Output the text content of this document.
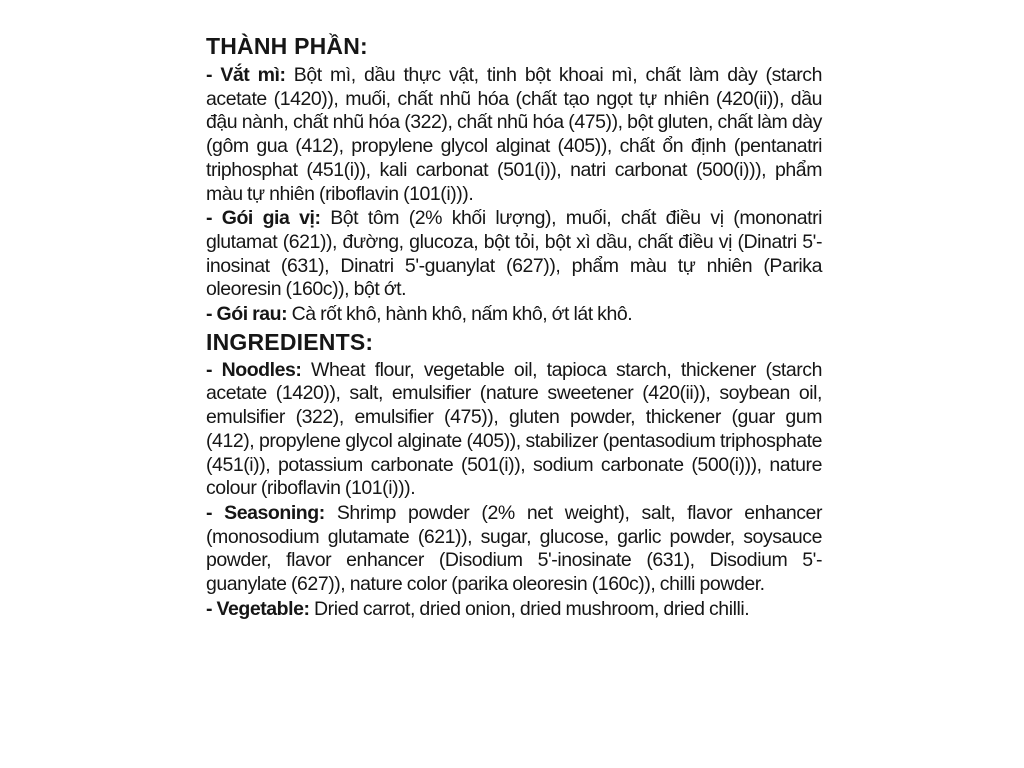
THÀNH PHẦN:
- Vắt mì: Bột mì, dầu thực vật, tinh bột khoai mì, chất làm dày (starch acetate (1420)), muối, chất nhũ hóa (chất tạo ngọt tự nhiên (420(ii)), dầu đậu nành, chất nhũ hóa (322), chất nhũ hóa (475)), bột gluten, chất làm dày (gôm gua (412), propylene glycol alginat (405)), chất ổn định (pentanatri triphosphat (451(i)), kali carbonat (501(i)), natri carbonat (500(i))), phẩm màu tự nhiên (riboflavin (101(i))).
- Gói gia vị: Bột tôm (2% khối lượng), muối, chất điều vị (mononatri glutamat (621)), đường, glucoza, bột tỏi, bột xì dầu, chất điều vị (Dinatri 5'-inosinat (631), Dinatri 5'-guanylat (627)), phẩm màu tự nhiên (Parika oleoresin (160c)), bột ớt.
- Gói rau: Cà rốt khô, hành khô, nấm khô, ớt lát khô.
INGREDIENTS:
- Noodles: Wheat flour, vegetable oil, tapioca starch, thickener (starch acetate (1420)), salt, emulsifier (nature sweetener (420(ii)), soybean oil, emulsifier (322), emulsifier (475)), gluten powder, thickener (guar gum (412), propylene glycol alginate (405)), stabilizer (pentasodium triphosphate (451(i)), potassium carbonate (501(i)), sodium carbonate (500(i))), nature colour (riboflavin (101(i))).
- Seasoning: Shrimp powder (2% net weight), salt, flavor enhancer (monosodium glutamate (621)), sugar, glucose, garlic powder, soysauce powder, flavor enhancer (Disodium 5'-inosinate (631), Disodium 5'-guanylate (627)), nature color (parika oleoresin (160c)), chilli powder.
- Vegetable: Dried carrot, dried onion, dried mushroom, dried chilli.
